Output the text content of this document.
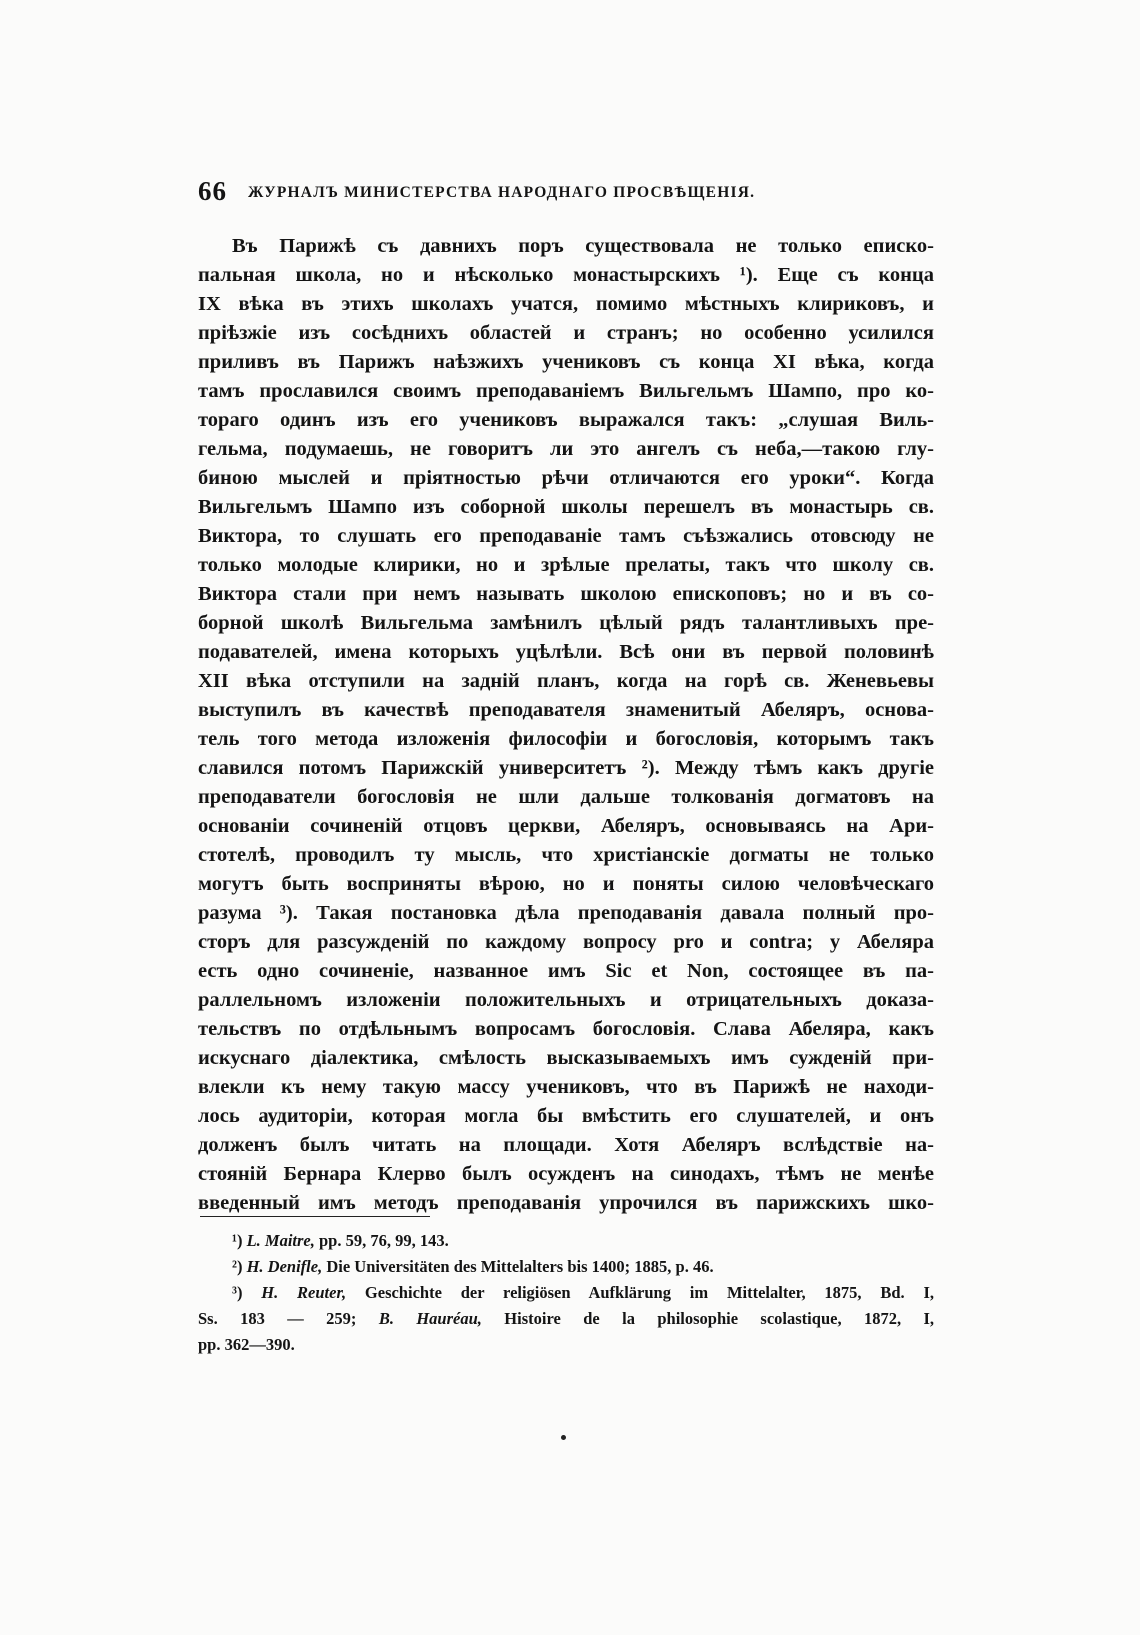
66 ЖУРНАЛЪ МИНИСТЕРСТВА НАРОДНАГО ПРОСВѢЩЕНІЯ.
Въ Парижѣ съ давнихъ поръ существовала не только еписко-
пальная школа, но и нѣсколько монастырскихъ ¹). Еще съ конца
IX вѣка въ этихъ школахъ учатся, помимо мѣстныхъ клириковъ, и
пріѣзжіе изъ сосѣднихъ областей и странъ; но особенно усилился
приливъ въ Парижъ наѣзжихъ учениковъ съ конца XI вѣка, когда
тамъ прославился своимъ преподаваніемъ Вильгельмъ Шампо, про ко-
тораго одинъ изъ его учениковъ выражался такъ: „слушая Виль-
гельма, подумаешь, не говоритъ ли это ангелъ съ неба,—такою глу-
биною мыслей и пріятностью рѣчи отличаются его уроки“. Когда
Вильгельмъ Шампо изъ соборной школы перешелъ въ монастырь св.
Виктора, то слушать его преподаваніе тамъ съѣзжались отовсюду не
только молодые клирики, но и зрѣлые прелаты, такъ что школу св.
Виктора стали при немъ называть школою епископовъ; но и въ со-
борной школѣ Вильгельма замѣнилъ цѣлый рядъ талантливыхъ пре-
подавателей, имена которыхъ уцѣлѣли. Всѣ они въ первой половинѣ
XII вѣка отступили на заднiй планъ, когда на горѣ св. Женевьевы
выступилъ въ качествѣ преподавателя знаменитый Абеляръ, основа-
тель того метода изложенія философіи и богословія, которымъ такъ
славился потомъ Парижскій университетъ ²). Между тѣмъ какъ другіе
преподаватели богословія не шли дальше толкованія догматовъ на
основаніи сочиненій отцовъ церкви, Абеляръ, основываясь на Ари-
стотелѣ, проводилъ ту мысль, что христіанскіе догматы не только
могутъ быть восприняты вѣрою, но и поняты силою человѣческаго
разума ³). Такая постановка дѣла преподаванія давала полный про-
сторъ для разсужденій по каждому вопросу pro и contra; у Абеляра
есть одно сочиненіе, названное имъ Sic et Non, состоящее въ па-
раллельномъ изложеніи положительныхъ и отрицательныхъ доказа-
тельствъ по отдѣльнымъ вопросамъ богословія. Слава Абеляра, какъ
искуснаго діалектика, смѣлость высказываемыхъ имъ сужденій при-
влекли къ нему такую массу учениковъ, что въ Парижѣ не находи-
лось аудиторіи, которая могла бы вмѣстить его слушателей, и онъ
долженъ былъ читать на площади. Хотя Абеляръ вслѣдствіе на-
стояній Бернара Клерво былъ осужденъ на синодахъ, тѣмъ не менѣе
введенный имъ методъ преподаванія упрочился въ парижскихъ шко-
¹) L. Maitre, pp. 59, 76, 99, 143.
²) H. Denifle, Die Universitäten des Mittelalters bis 1400; 1885, p. 46.
³) H. Reuter, Geschichte der religiösen Aufklärung im Mittelalter, 1875, Bd. I,
Ss. 183 — 259; B. Hauréau, Histoire de la philosophie scolastique, 1872, I,
pp. 362—390.
